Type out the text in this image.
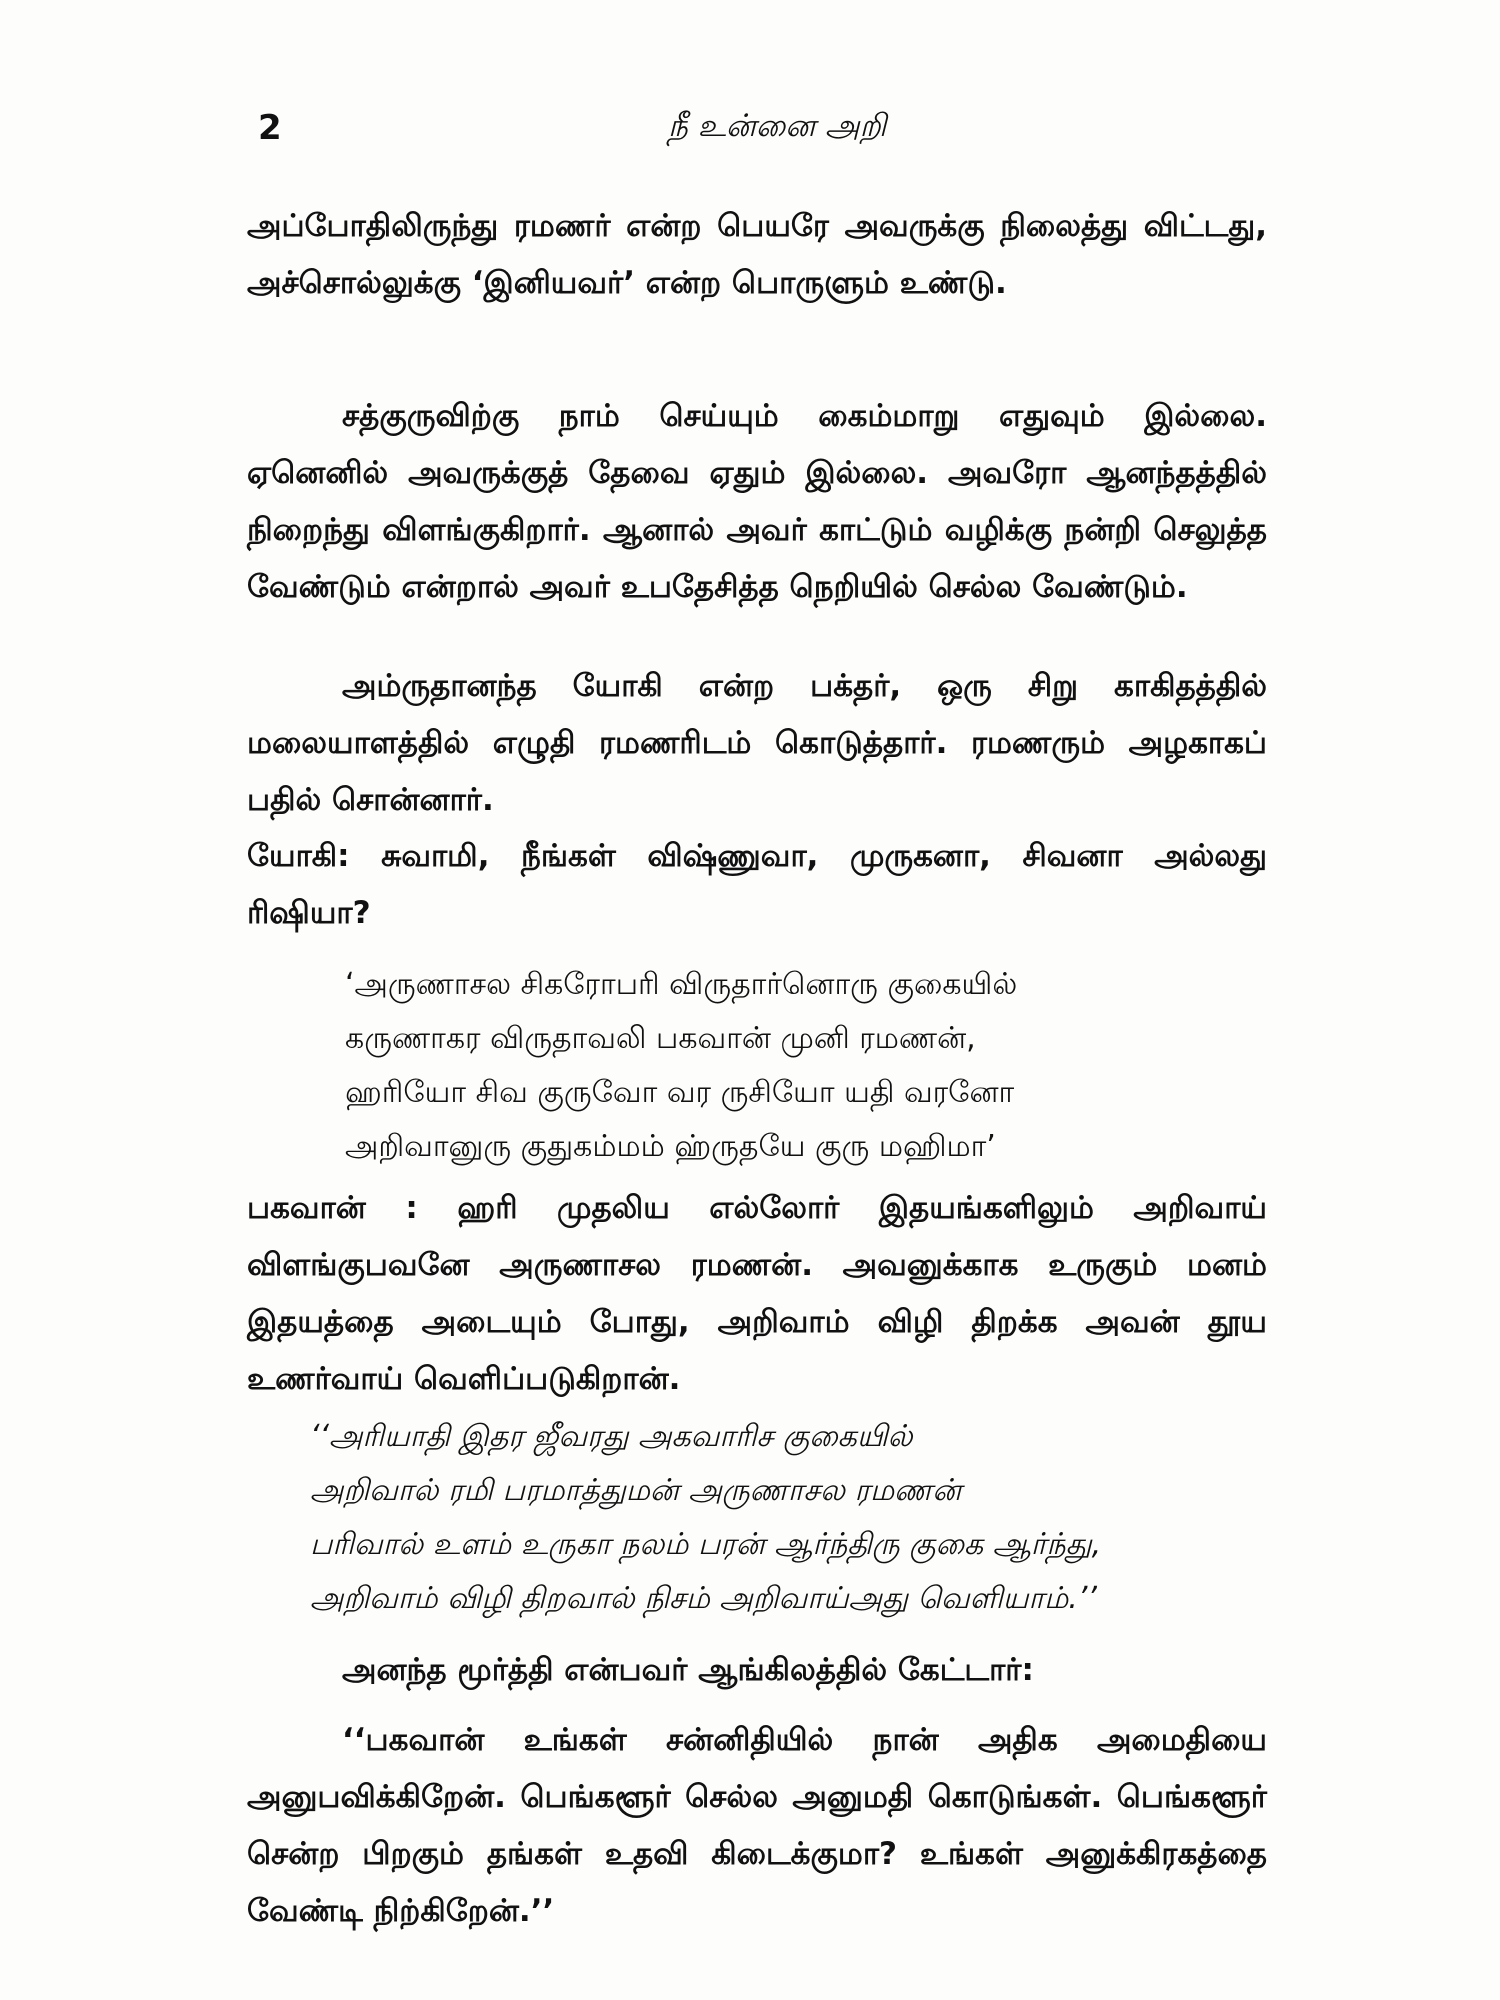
2	நீ உன்னை அறி

அப்போதிலிருந்து ரமணர் என்ற பெயரே அவருக்கு நிலைத்து விட்டது, அச்சொல்லுக்கு ‘இனியவர்’ என்ற பொருளும் உண்டு.

சத்குருவிற்கு நாம் செய்யும் கைம்மாறு எதுவும் இல்லை. ஏனெனில் அவருக்குத் தேவை ஏதும் இல்லை. அவரோ ஆனந்தத்தில் நிறைந்து விளங்குகிறார். ஆனால் அவர் காட்டும் வழிக்கு நன்றி செலுத்த வேண்டும் என்றால் அவர் உபதேசித்த நெறியில் செல்ல வேண்டும்.

அம்ருதானந்த யோகி என்ற பக்தர், ஒரு சிறு காகிதத்தில் மலையாளத்தில் எழுதி ரமணரிடம் கொடுத்தார். ரமணரும் அழகாகப் பதில் சொன்னார்.

யோகி: சுவாமி, நீங்கள் விஷ்ணுவா, முருகனா, சிவனா அல்லது ரிஷியா?

‘அருணாசல சிகரோபரி விருதார்னொரு குகையில்
கருணாகர விருதாவலி பகவான் முனி ரமணன்,
ஹரியோ சிவ குருவோ வர ருசியோ யதி வரனோ
அறிவானுரு குதுகம்மம் ஹ்ருதயே குரு மஹிமா’

பகவான் : ஹரி முதலிய எல்லோர் இதயங்களிலும் அறிவாய் விளங்குபவனே அருணாசல ரமணன். அவனுக்காக உருகும் மனம் இதயத்தை அடையும் போது, அறிவாம் விழி திறக்க அவன் தூய உணர்வாய் வெளிப்படுகிறான்.

‘‘அரியாதி இதர ஜீவரது அகவாரிச குகையில்
அறிவால் ரமி பரமாத்துமன் அருணாசல ரமணன்
பரிவால் உளம் உருகா நலம் பரன் ஆர்ந்திரு குகை ஆர்ந்து,
அறிவாம் விழி திறவால் நிசம் அறிவாய்அது வெளியாம்.’’

அனந்த மூர்த்தி என்பவர் ஆங்கிலத்தில் கேட்டார்:

‘‘பகவான் உங்கள் சன்னிதியில் நான் அதிக அமைதியை அனுபவிக்கிறேன். பெங்களூர் செல்ல அனுமதி கொடுங்கள். பெங்களூர் சென்ற பிறகும் தங்கள் உதவி கிடைக்குமா? உங்கள் அனுக்கிரகத்தை வேண்டி நிற்கிறேன்.’’
